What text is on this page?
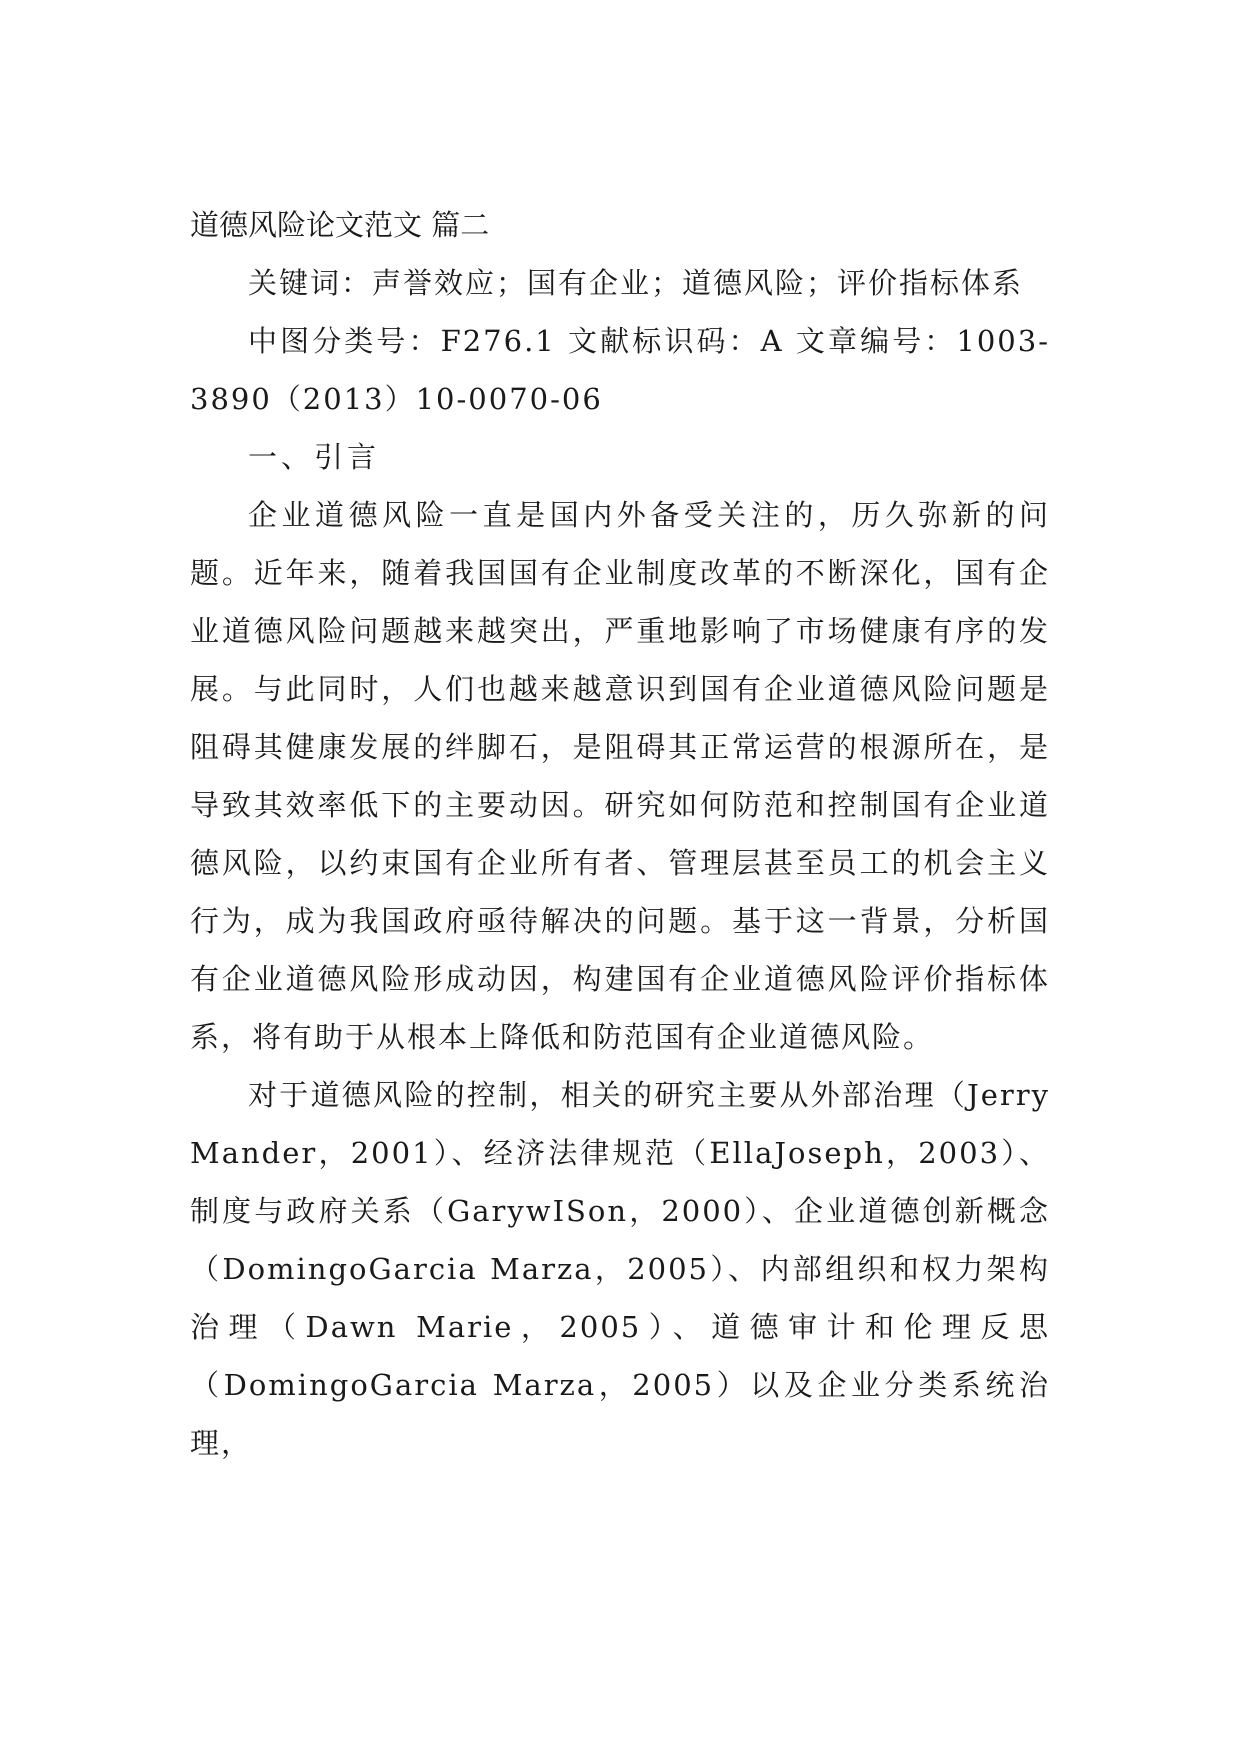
道德风险论文范文 篇二

关键词：声誉效应；国有企业；道德风险；评价指标体系

中图分类号：F276.1 文献标识码：A 文章编号：1003-3890（2013）10-0070-06

一、引言

企业道德风险一直是国内外备受关注的，历久弥新的问题。近年来，随着我国国有企业制度改革的不断深化，国有企业道德风险问题越来越突出，严重地影响了市场健康有序的发展。与此同时，人们也越来越意识到国有企业道德风险问题是阻碍其健康发展的绊脚石，是阻碍其正常运营的根源所在，是导致其效率低下的主要动因。研究如何防范和控制国有企业道德风险，以约束国有企业所有者、管理层甚至员工的机会主义行为，成为我国政府亟待解决的问题。基于这一背景，分析国有企业道德风险形成动因，构建国有企业道德风险评价指标体系，将有助于从根本上降低和防范国有企业道德风险。

对于道德风险的控制，相关的研究主要从外部治理（Jerry Mander，2001）、经济法律规范（EllaJoseph，2003）、制度与政府关系（GarywISon，2000）、企业道德创新概念（DomingoGarcia Marza，2005）、内部组织和权力架构治理（Dawn Marie，2005）、道德审计和伦理反思（DomingoGarcia Marza，2005）以及企业分类系统治理，
